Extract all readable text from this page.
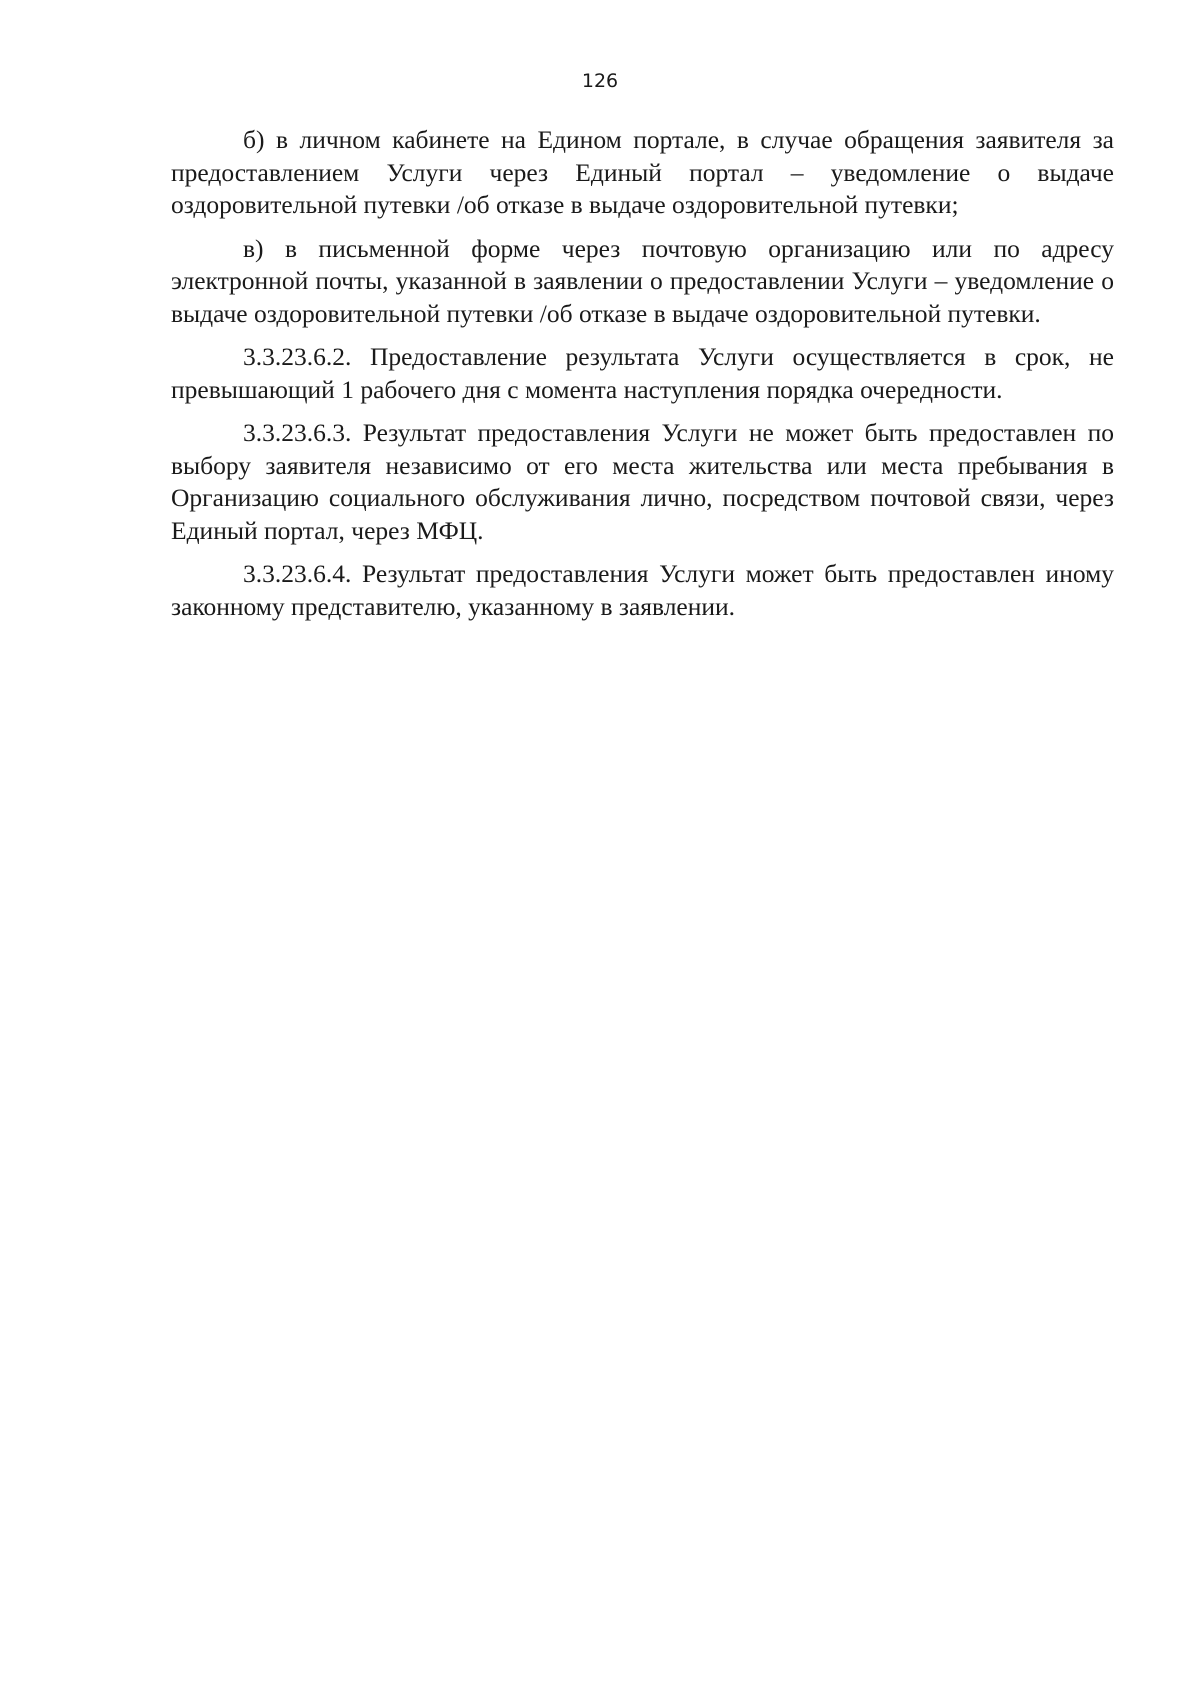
126

б) в личном кабинете на Едином портале, в случае обращения заявителя за предоставлением Услуги через Единый портал – уведомление о выдаче оздоровительной путевки /об отказе в выдаче оздоровительной путевки;

в) в письменной форме через почтовую организацию или по адресу электронной почты, указанной в заявлении о предоставлении Услуги – уведомление о выдаче оздоровительной путевки /об отказе в выдаче оздоровительной путевки.

3.3.23.6.2. Предоставление результата Услуги осуществляется в срок, не превышающий 1 рабочего дня с момента наступления порядка очередности.

3.3.23.6.3. Результат предоставления Услуги не может быть предоставлен по выбору заявителя независимо от его места жительства или места пребывания в Организацию социального обслуживания лично, посредством почтовой связи, через Единый портал, через МФЦ.

3.3.23.6.4. Результат предоставления Услуги может быть предоставлен иному законному представителю, указанному в заявлении.
